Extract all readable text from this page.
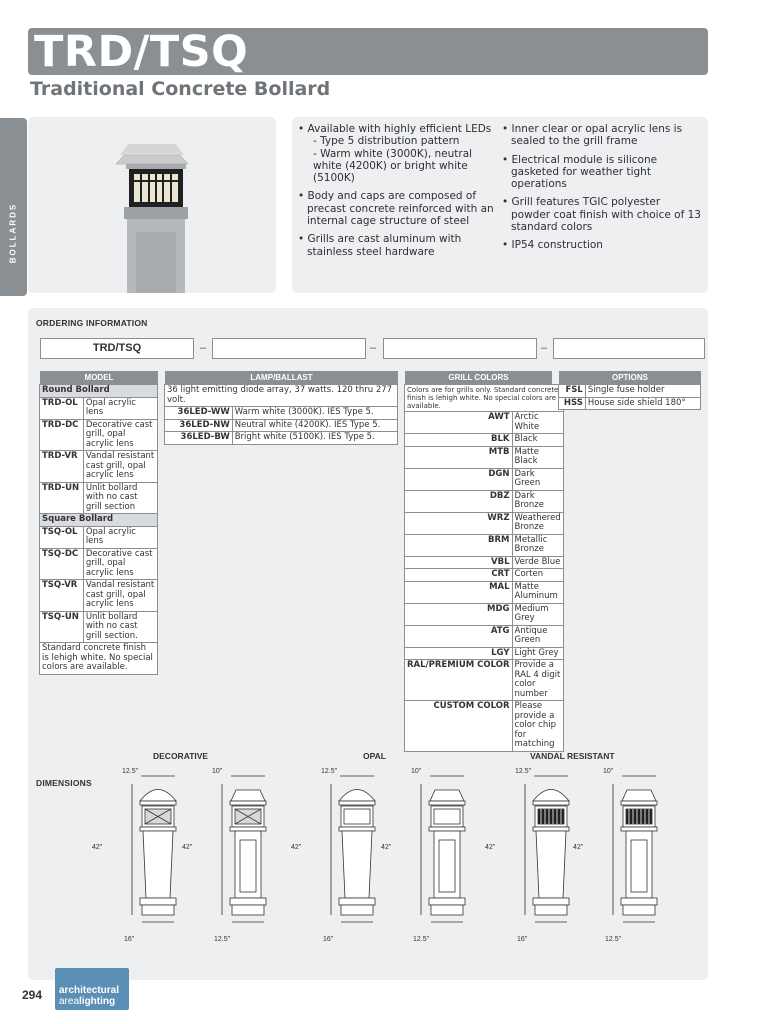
TRD/TSQ
Traditional Concrete Bollard
BOLLARDS
• Available with highly efficient LEDs
- Type 5 distribution pattern
- Warm white (3000K), neutral white (4200K) or bright white (5100K)
• Body and caps are composed of precast concrete reinforced with an internal cage structure of steel
• Grills are cast aluminum with stainless steel hardware
• Inner clear or opal acrylic lens is sealed to the grill frame
• Electrical module is silicone gasketed for weather tight operations
• Grill features TGIC polyester powder coat finish with choice of 13 standard colors
• IP54 construction
ORDERING INFORMATION
TRD/TSQ	–	–	–
MODEL	LAMP/BALLAST	GRILL COLORS	OPTIONS
Round Bollard	
TRD-OL	Opal acrylic lens
TRD-DC	Decorative cast grill, opal acrylic lens
TRD-VR	Vandal resistant cast grill, opal acrylic lens
TRD-UN	Unlit bollard with no cast grill section
Square Bollard	
TSQ-OL	Opal acrylic lens
TSQ-DC	Decorative cast grill, opal acrylic lens
TSQ-VR	Vandal resistant cast grill, opal acrylic lens
TSQ-UN	Unlit bollard with no cast grill section.
Standard concrete finish is lehigh white. No special colors are available.	
36 light emitting diode array, 37 watts. 120 thru 277 volt.	
36LED-WW	Warm white (3000K). IES Type 5.
36LED-NW	Neutral white (4200K). IES Type 5.
36LED-BW	Bright white (5100K). IES Type 5.
Colors are for grills only. Standard concrete finish is lehigh white. No special colors are available.	
AWT	Arctic White
BLK	Black
MTB	Matte Black
DGN	Dark Green
DBZ	Dark Bronze
WRZ	Weathered Bronze
BRM	Metallic Bronze
VBL	Verde Blue
CRT	Corten
MAL	Matte Aluminum
MDG	Medium Grey
ATG	Antique Green
LGY	Light Grey
RAL/PREMIUM COLOR	Provide a RAL 4 digit color number
CUSTOM COLOR	Please provide a color chip for matching
FSL	Single fuse holder
HSS	House side shield 180°
DIMENSIONS
DECORATIVE	OPAL	VANDAL RESISTANT
12.5"
16"
42"
10"
12.5"
42"
12.5"
16"
42"
10"
12.5"
42"
12.5"
16"
42"
10"
12.5"
42"
294 architectural
arealighting
